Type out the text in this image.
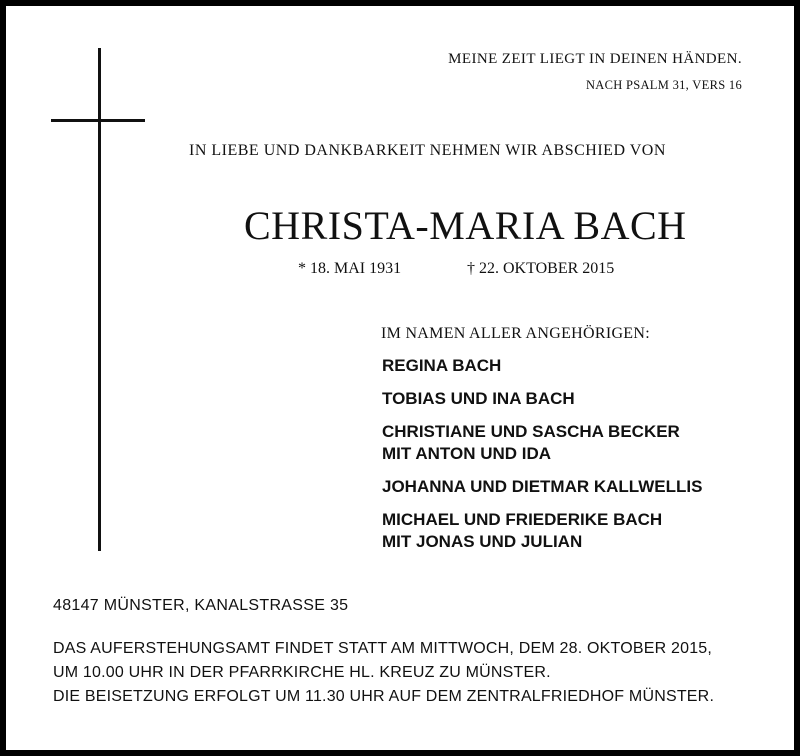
MEINE ZEIT LIEGT IN DEINEN HÄNDEN.
NACH PSALM 31, VERS 16
IN LIEBE UND DANKBARKEIT NEHMEN WIR ABSCHIED VON
CHRISTA-MARIA BACH
* 18. MAI 1931	† 22. OKTOBER 2015
IM NAMEN ALLER ANGEHÖRIGEN:
REGINA BACH
TOBIAS UND INA BACH
CHRISTIANE UND SASCHA BECKER
MIT ANTON UND IDA
JOHANNA UND DIETMAR KALLWELLIS
MICHAEL UND FRIEDERIKE BACH
MIT JONAS UND JULIAN
48147 MÜNSTER, KANALSTRASSE 35
DAS AUFERSTEHUNGSAMT FINDET STATT AM MITTWOCH, DEM 28. OKTOBER 2015,
UM 10.00 UHR IN DER PFARRKIRCHE HL. KREUZ ZU MÜNSTER.
DIE BEISETZUNG ERFOLGT UM 11.30 UHR AUF DEM ZENTRALFRIEDHOF MÜNSTER.
